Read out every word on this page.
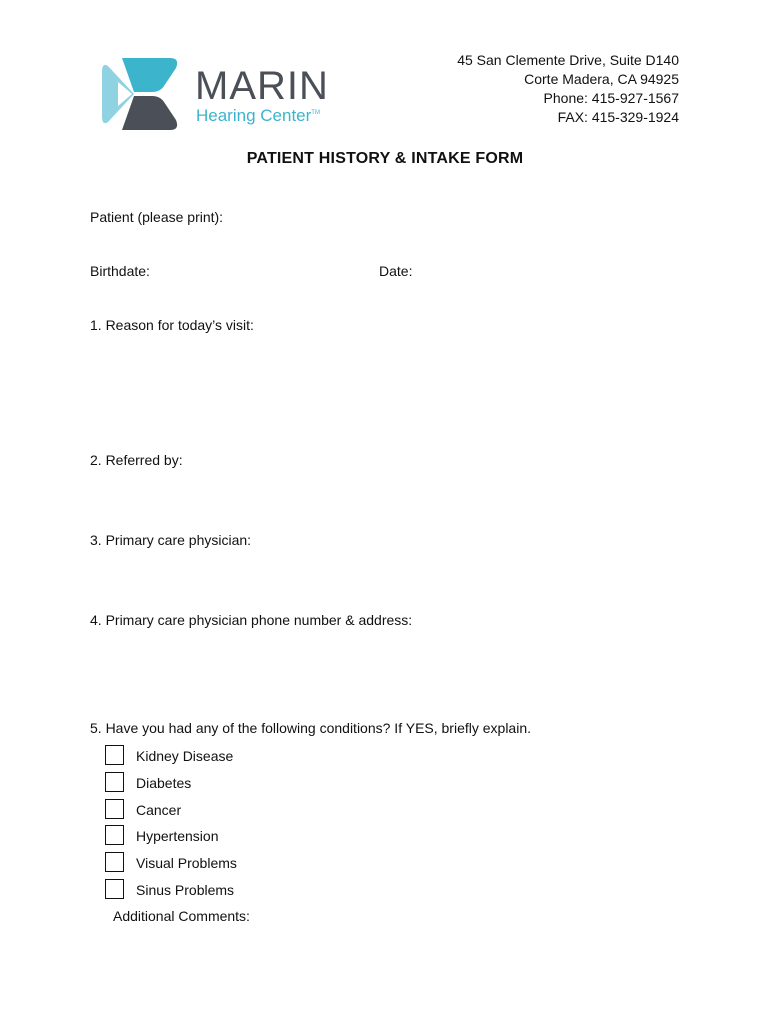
MARIN
Hearing Center™
45 San Clemente Drive, Suite D140
Corte Madera, CA 94925
Phone: 415-927-1567
FAX: 415-329-1924
PATIENT HISTORY & INTAKE FORM
Patient (please print):
Birthdate:	Date:
1. Reason for today’s visit:
2. Referred by:
3. Primary care physician:
4. Primary care physician phone number & address:
5. Have you had any of the following conditions? If YES, briefly explain.
Kidney Disease
Diabetes
Cancer
Hypertension
Visual Problems
Sinus Problems
Additional Comments:
